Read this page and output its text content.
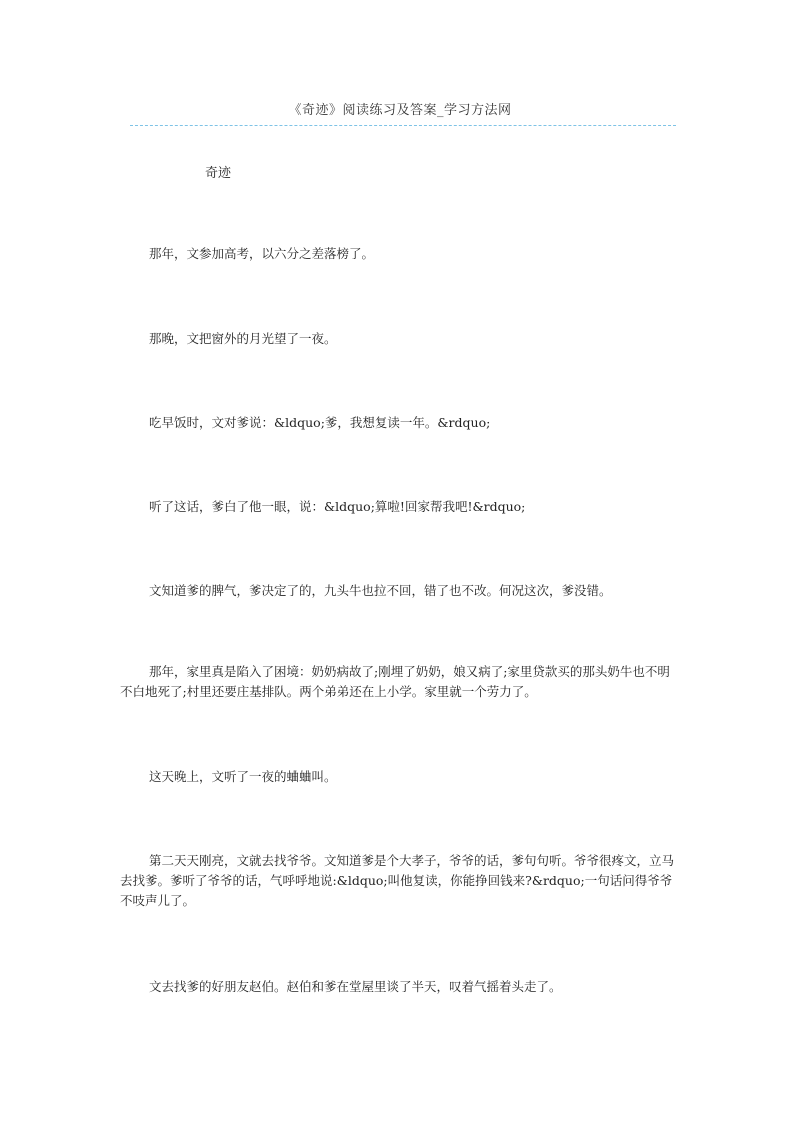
《奇迹》阅读练习及答案_学习方法网
奇迹

那年，文参加高考，以六分之差落榜了。

那晚，文把窗外的月光望了一夜。

吃早饭时，文对爹说：&ldquo;爹，我想复读一年。&rdquo;

听了这话，爹白了他一眼，说：&ldquo;算啦!回家帮我吧!&rdquo;

文知道爹的脾气，爹决定了的，九头牛也拉不回，错了也不改。何况这次，爹没错。

那年，家里真是陷入了困境：奶奶病故了;刚埋了奶奶，娘又病了;家里贷款买的那头奶牛也不明不白地死了;村里还要庄基排队。两个弟弟还在上小学。家里就一个劳力了。

这天晚上，文听了一夜的蛐蛐叫。

第二天天刚亮，文就去找爷爷。文知道爹是个大孝子，爷爷的话，爹句句听。爷爷很疼文，立马去找爹。爹听了爷爷的话，气呼呼地说:&ldquo;叫他复读，你能挣回钱来?&rdquo;一句话问得爷爷不吱声儿了。

文去找爹的好朋友赵伯。赵伯和爹在堂屋里谈了半天，叹着气摇着头走了。
